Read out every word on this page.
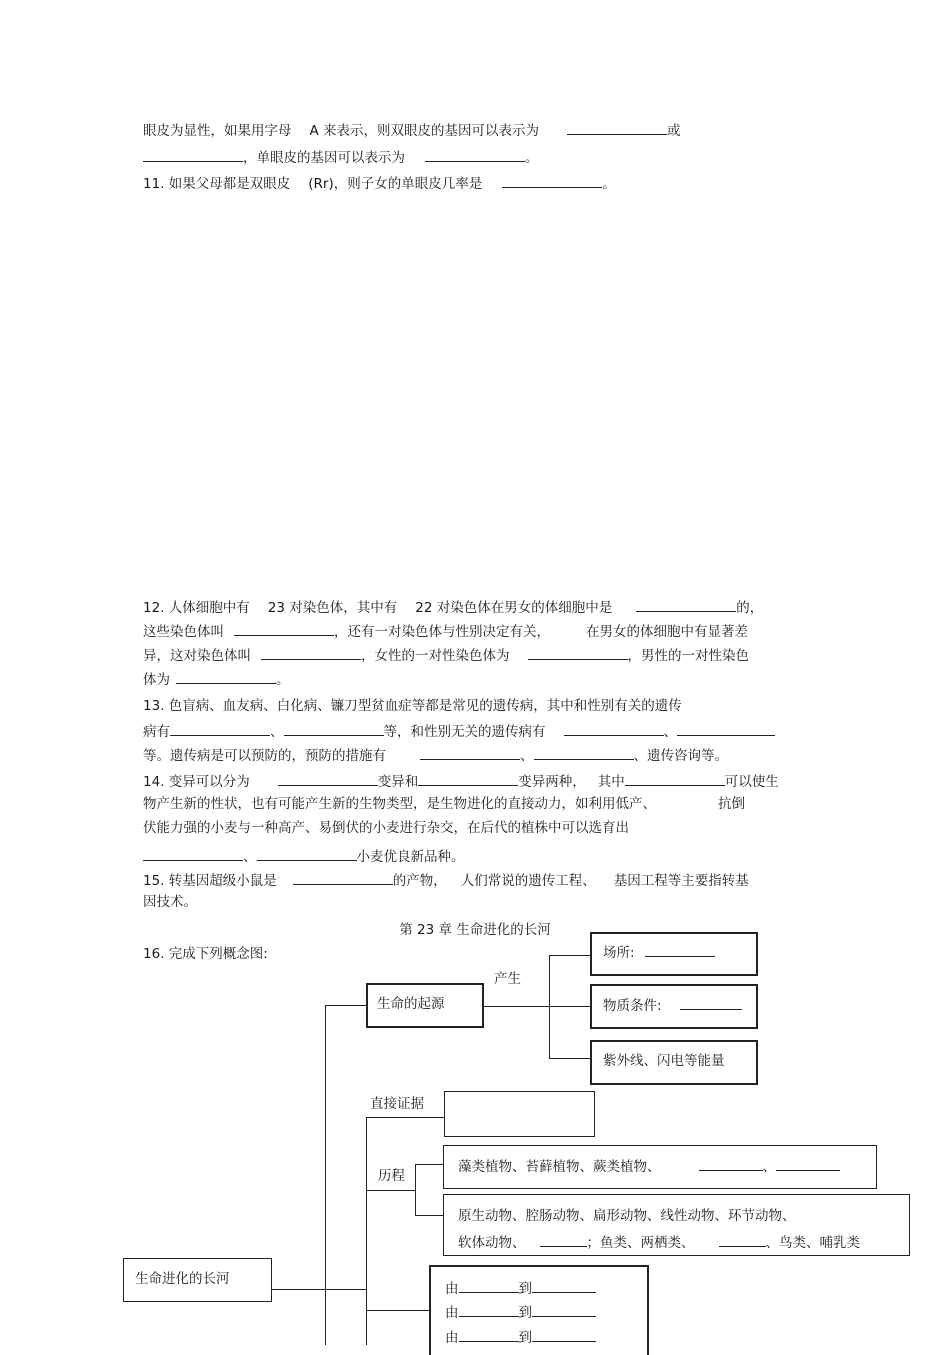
眼皮为显性，如果用字母 A 来表示，则双眼皮的基因可以表示为	或
，单眼皮的基因可以表示为	。
11. 如果父母都是双眼皮 (Rr)，则子女的单眼皮几率是	。
12. 人体细胞中有 23 对染色体，其中有 22 对染色体在男女的体细胞中是	的，
这些染色体叫	，还有一对染色体与性别决定有关，	在男女的体细胞中有显著差
异，这对染色体叫	，女性的一对性染色体为	，男性的一对性染色
体为	。
13. 色盲病、血友病、白化病、镰刀型贫血症等都是常见的遗传病，其中和性别有关的遗传
病有	、	等，和性别无关的遗传病有	、
等。遗传病是可以预防的，预防的措施有	、	、遗传咨询等。
14. 变异可以分为	变异和	变异两种， 其中	可以使生
物产生新的性状，也有可能产生新的生物类型，是生物进化的直接动力，如利用低产、	抗倒
伏能力强的小麦与一种高产、易倒伏的小麦进行杂交，在后代的植株中可以选育出
、	小麦优良新品种。
15. 转基因超级小鼠是	的产物， 人们常说的遗传工程、 基因工程等主要指转基
因技术。
第 23 章 生命进化的长河
16. 完成下列概念图:
生命进化的长河
生命的起源
产生
场所:
物质条件:
紫外线、闪电等能量
直接证据
历程
藻类植物、苔藓植物、蕨类植物、	、
原生动物、腔肠动物、扁形动物、线性动物、环节动物、
软体动物、	；鱼类、两栖类、	、鸟类、哺乳类
由	到
由	到
由	到
